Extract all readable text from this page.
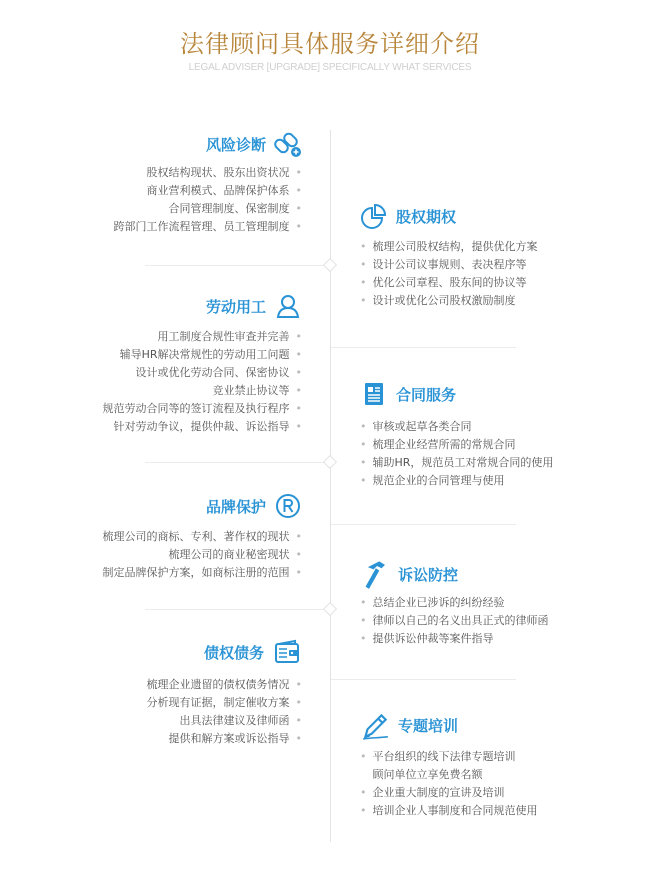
法律顾问具体服务详细介绍
LEGAL ADVISER [UPGRADE] SPECIFICALLY WHAT SERVICES
风险诊断
股权结构现状、股东出资状况 •
商业营利模式、品牌保护体系 •
合同管理制度、保密制度 •
跨部门工作流程管理、员工管理制度 •
股权期权
• 梳理公司股权结构，提供优化方案
• 设计公司议事规则、表决程序等
• 优化公司章程、股东间的协议等
• 设计或优化公司股权激励制度
劳动用工
用工制度合规性审查并完善 •
辅导HR解决常规性的劳动用工问题 •
设计或优化劳动合同、保密协议 •
竞业禁止协议等 •
规范劳动合同等的签订流程及执行程序 •
针对劳动争议，提供仲裁、诉讼指导 •
合同服务
• 审核或起草各类合同
• 梳理企业经营所需的常规合同
• 辅助HR，规范员工对常规合同的使用
• 规范企业的合同管理与使用
品牌保护
梳理公司的商标、专利、著作权的现状 •
梳理公司的商业秘密现状 •
制定品牌保护方案，如商标注册的范围 •	诉讼防控
• 总结企业已涉诉的纠纷经验
• 律师以自己的名义出具正式的律师函
• 提供诉讼仲裁等案件指导
债权债务
梳理企业遗留的债权债务情况 •
分析现有证据，制定催收方案 •
出具法律建议及律师函 •
提供和解方案或诉讼指导 •
专题培训
• 平台组织的线下法律专题培训
• 顾问单位立享免费名额
• 企业重大制度的宣讲及培训
• 培训企业人事制度和合同规范使用
